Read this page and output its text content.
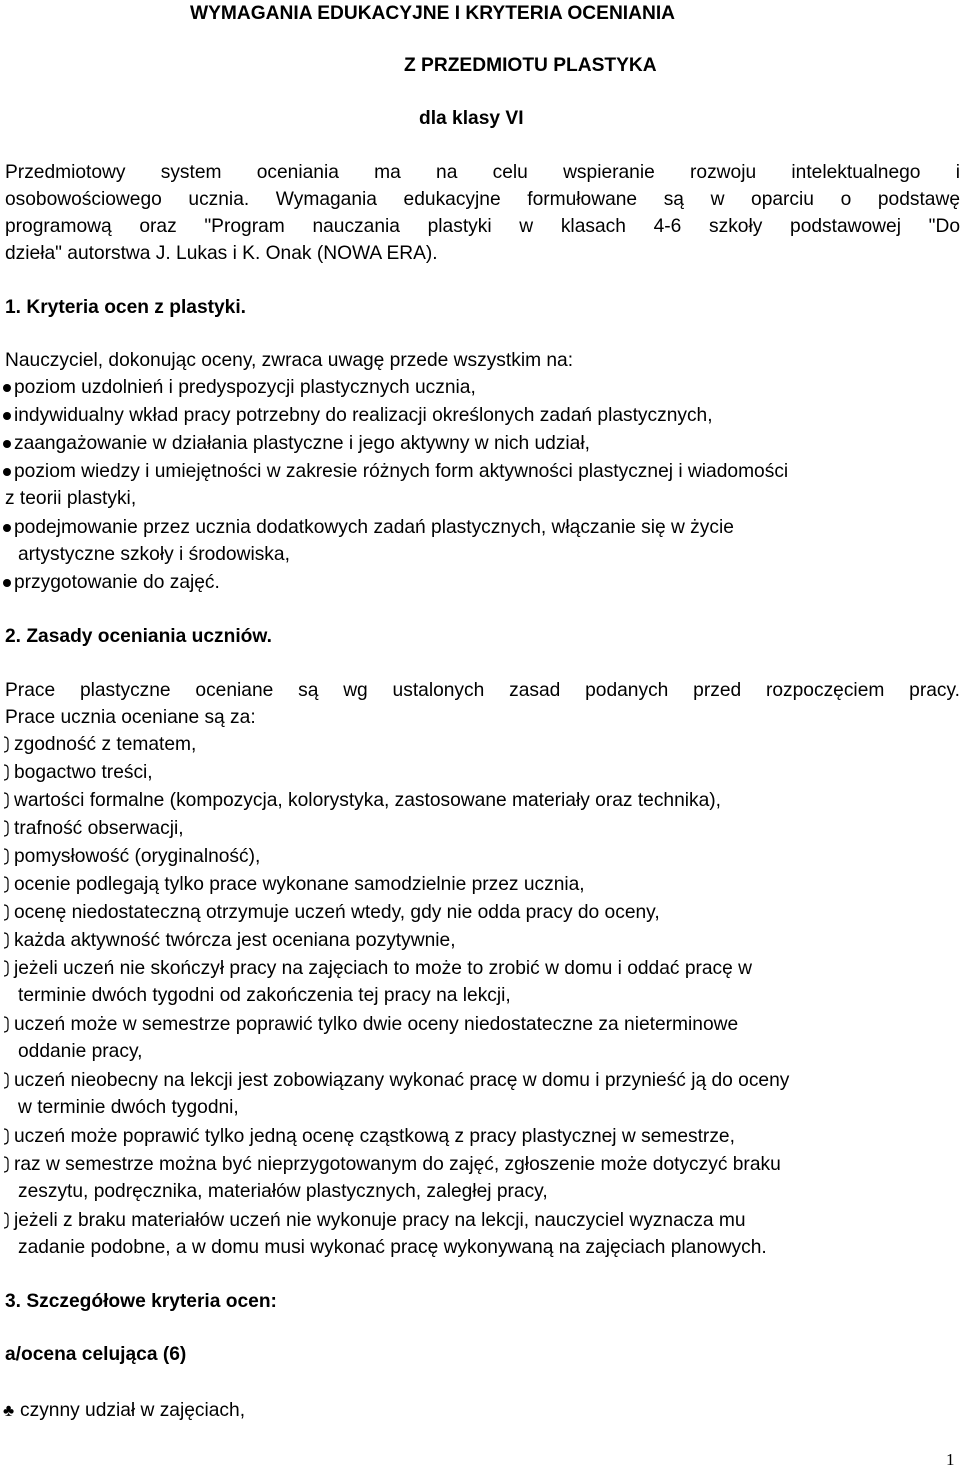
WYMAGANIA EDUKACYJNE I KRYTERIA OCENIANIA
Z PRZEDMIOTU PLASTYKA
dla klasy VI
Przedmiotowy system oceniania ma na celu wspieranie rozwoju intelektualnego i
osobowościowego ucznia. Wymagania edukacyjne formułowane są w oparciu o podstawę
programową oraz "Program nauczania plastyki w klasach 4-6 szkoły podstawowej "Do
dzieła" autorstwa J. Lukas i K. Onak (NOWA ERA).
1. Kryteria ocen z plastyki.
Nauczyciel, dokonując oceny, zwraca uwagę przede wszystkim na:
poziom uzdolnień i predyspozycji plastycznych ucznia,
indywidualny wkład pracy potrzebny do realizacji określonych zadań plastycznych,
zaangażowanie w działania plastyczne i jego aktywny w nich udział,
poziom wiedzy i umiejętności w zakresie różnych form aktywności plastycznej i wiadomości
z teorii plastyki,
podejmowanie przez ucznia dodatkowych zadań plastycznych, włączanie się w życie
artystyczne szkoły i środowiska,
przygotowanie do zajęć.
2. Zasady oceniania uczniów.
Prace plastyczne oceniane są wg ustalonych zasad podanych przed rozpoczęciem pracy.
Prace ucznia oceniane są za:
zgodność z tematem,
bogactwo treści,
wartości formalne (kompozycja, kolorystyka, zastosowane materiały oraz technika),
trafność obserwacji,
pomysłowość (oryginalność),
ocenie podlegają tylko prace wykonane samodzielnie przez ucznia,
ocenę niedostateczną otrzymuje uczeń wtedy, gdy nie odda pracy do oceny,
każda aktywność twórcza jest oceniana pozytywnie,
jeżeli uczeń nie skończył pracy na zajęciach to może to zrobić w domu i oddać pracę w
terminie dwóch tygodni od zakończenia tej pracy na lekcji,
uczeń może w semestrze poprawić tylko dwie oceny niedostateczne za nieterminowe
oddanie pracy,
uczeń nieobecny na lekcji jest zobowiązany wykonać pracę w domu i przynieść ją do oceny
w terminie dwóch tygodni,
uczeń może poprawić tylko jedną ocenę cząstkową z pracy plastycznej w semestrze,
raz w semestrze można być nieprzygotowanym do zajęć, zgłoszenie może dotyczyć braku
zeszytu, podręcznika, materiałów plastycznych, zaległej pracy,
jeżeli z braku materiałów uczeń nie wykonuje pracy na lekcji, nauczyciel wyznacza mu
zadanie podobne, a w domu musi wykonać pracę wykonywaną na zajęciach planowych.
3. Szczegółowe kryteria ocen:
a/ocena celująca (6)
♣ czynny udział w zajęciach,
1
